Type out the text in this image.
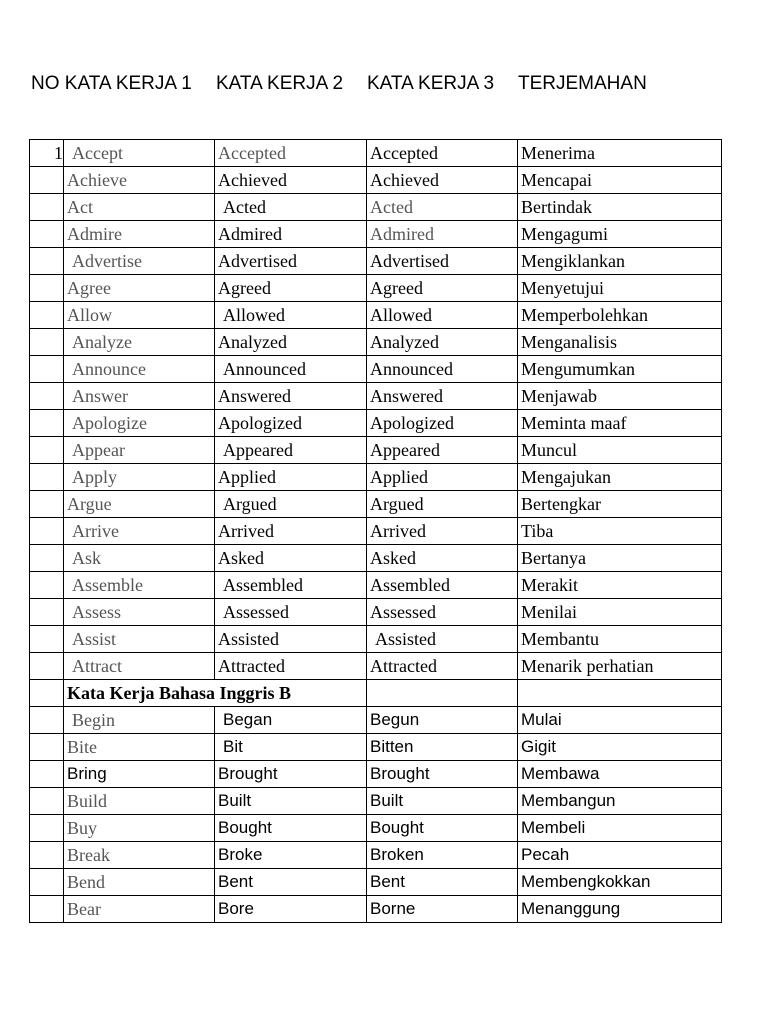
NO KATA KERJA 1 KATA KERJA 2 KATA KERJA 3 TERJEMAHAN
1	Accept	Accepted	Accepted	Menerima
	Achieve	Achieved	Achieved	Mencapai
	Act	Acted	Acted	Bertindak
	Admire	Admired	Admired	Mengagumi
	Advertise	Advertised	Advertised	Mengiklankan
	Agree	Agreed	Agreed	Menyetujui
	Allow	Allowed	Allowed	Memperbolehkan
	Analyze	Analyzed	Analyzed	Menganalisis
	Announce	Announced	Announced	Mengumumkan
	Answer	Answered	Answered	Menjawab
	Apologize	Apologized	Apologized	Meminta maaf
	Appear	Appeared	Appeared	Muncul
	Apply	Applied	Applied	Mengajukan
	Argue	Argued	Argued	Bertengkar
	Arrive	Arrived	Arrived	Tiba
	Ask	Asked	Asked	Bertanya
	Assemble	Assembled	Assembled	Merakit
	Assess	Assessed	Assessed	Menilai
	Assist	Assisted	Assisted	Membantu
	Attract	Attracted	Attracted	Menarik perhatian
	Kata Kerja Bahasa Inggris B			
	Begin	Began	Begun	Mulai
	Bite	Bit	Bitten	Gigit
	Bring	Brought	Brought	Membawa
	Build	Built	Built	Membangun
	Buy	Bought	Bought	Membeli
	Break	Broke	Broken	Pecah
	Bend	Bent	Bent	Membengkokkan
	Bear	Bore	Borne	Menanggung
